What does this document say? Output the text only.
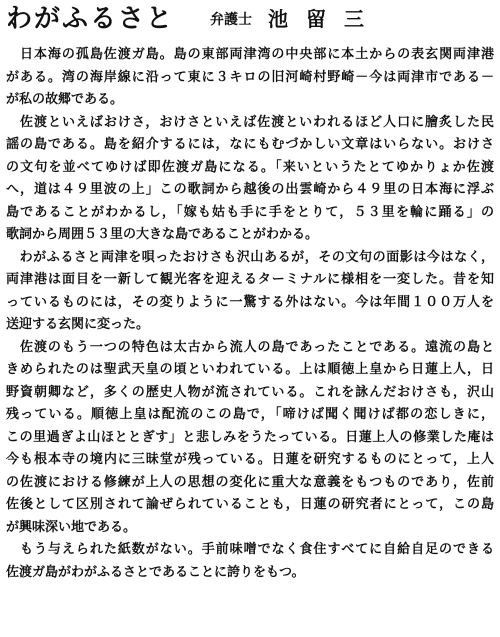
わがふるさと	弁護士 池留三
　日本海の孤島佐渡ガ島。島の東部両津湾の中央部に本土からの表玄関両津港
がある。湾の海岸線に沿って東に３キロの旧河崎村野崎－今は両津市である－
が私の故郷である。
　佐渡といえばおけさ，おけさといえば佐渡といわれるほど人口に膾炙した民
謡の島である。島を紹介するには，なにもむづかしい文章はいらない。おけさ
の文句を並べてゆけば即佐渡ガ島になる。「来いというたとてゆかりょか佐渡
へ，道は４９里波の上」この歌詞から越後の出雲崎から４９里の日本海に浮ぶ
島であることがわかるし，「嫁も姑も手に手をとりて，５３里を輪に踊る」の
歌詞から周囲５３里の大きな島であることがわかる。
　わがふるさと両津を唄ったおけさも沢山あるが，その文句の面影は今はなく，
両津港は面目を一新して観光客を迎えるターミナルに様相を一変した。昔を知
っているものには，その変りように一驚する外はない。今は年間１００万人を
送迎する玄関に変った。
　佐渡のもう一つの特色は太古から流人の島であったことである。遠流の島と
きめられたのは聖武天皇の頃といわれている。上は順徳上皇から日蓮上人，日
野資朝卿など，多くの歴史人物が流されている。これを詠んだおけさも，沢山
残っている。順徳上皇は配流のこの島で，「啼けば聞く聞けば都の恋しきに，
この里過ぎよ山ほととぎす」と悲しみをうたっている。日蓮上人の修業した庵は
今も根本寺の境内に三昧堂が残っている。日蓮を研究するものにとって，上人
の佐渡における修練が上人の思想の変化に重大な意義をもつものであり，佐前
佐後として区別されて論ぜられていることも，日蓮の研究者にとって，この島
が興味深い地である。
　もう与えられた紙数がない。手前味噌でなく食住すべてに自給自足のできる
佐渡ガ島がわがふるさとであることに誇りをもつ。
